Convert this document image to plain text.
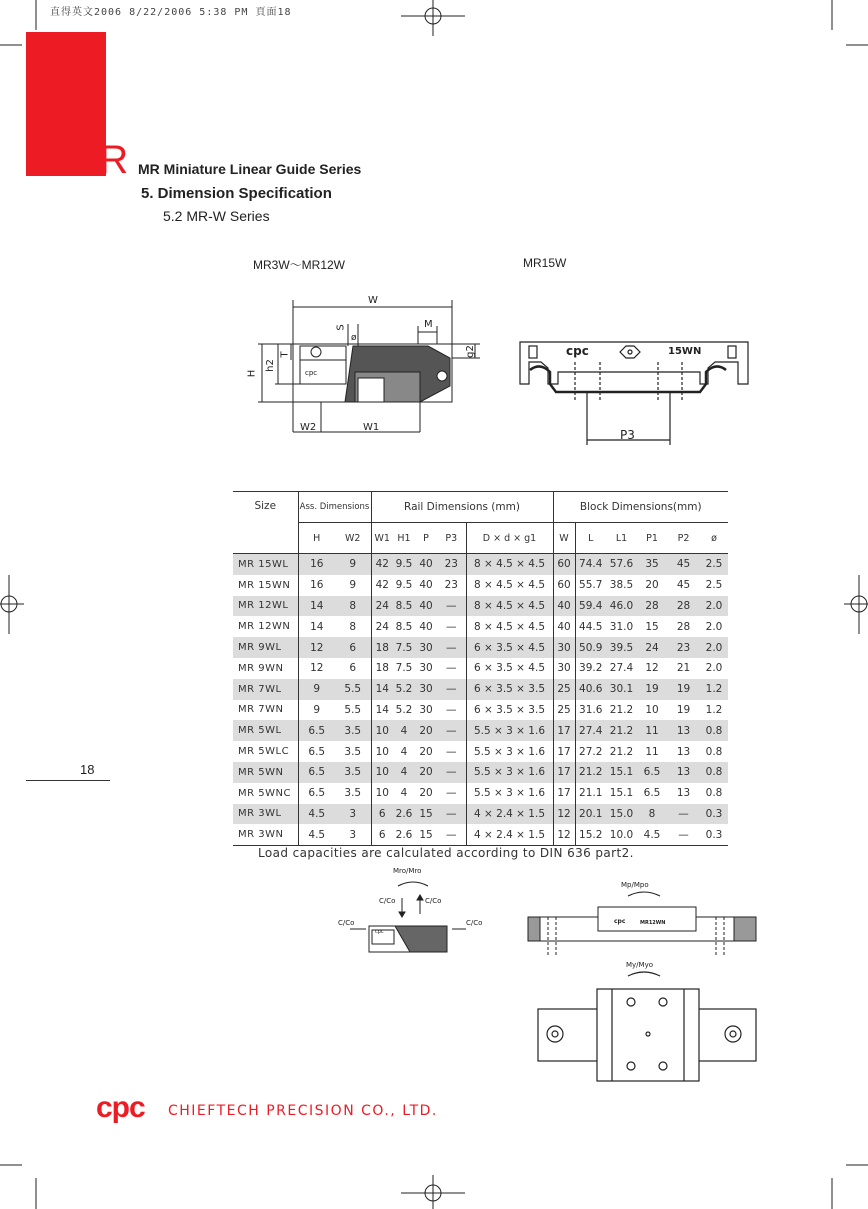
直得英文2006 8/22/2006 5:38 PM 頁面18
MR MR Miniature Linear Guide Series
5. Dimension Specification
5.2 MR-W Series
MR3W～MR12W	MR15W
W
M
S
ø
g2
H
h2
T
cpc
W2	W1
P3
cpc	15WN
Size	Ass. Dimensions		Rail Dimensions (mm)					Block Dimensions(mm)					
	H	W2	W1	H1	P	P3	D × d × g1	W	L	L1	P1	P2	ø
MR 15WL	16	9	42	9.5	40	23	8 × 4.5 × 4.5	60	74.4	57.6	35	45	2.5
MR 15WN	16	9	42	9.5	40	23	8 × 4.5 × 4.5	60	55.7	38.5	20	45	2.5
MR 12WL	14	8	24	8.5	40	—	8 × 4.5 × 4.5	40	59.4	46.0	28	28	2.0
MR 12WN	14	8	24	8.5	40	—	8 × 4.5 × 4.5	40	44.5	31.0	15	28	2.0
MR 9WL	12	6	18	7.5	30	—	6 × 3.5 × 4.5	30	50.9	39.5	24	23	2.0
MR 9WN	12	6	18	7.5	30	—	6 × 3.5 × 4.5	30	39.2	27.4	12	21	2.0
MR 7WL	9	5.5	14	5.2	30	—	6 × 3.5 × 3.5	25	40.6	30.1	19	19	1.2
MR 7WN	9	5.5	14	5.2	30	—	6 × 3.5 × 3.5	25	31.6	21.2	10	19	1.2
MR 5WL	6.5	3.5	10	4	20	—	5.5 × 3 × 1.6	17	27.4	21.2	11	13	0.8
MR 5WLC	6.5	3.5	10	4	20	—	5.5 × 3 × 1.6	17	27.2	21.2	11	13	0.8
MR 5WN	6.5	3.5	10	4	20	—	5.5 × 3 × 1.6	17	21.2	15.1	6.5	13	0.8
MR 5WNC	6.5	3.5	10	4	20	—	5.5 × 3 × 1.6	17	21.1	15.1	6.5	13	0.8
MR 3WL	4.5	3	6	2.6	15	—	4 × 2.4 × 1.5	12	20.1	15.0	8	—	0.3
MR 3WN	4.5	3	6	2.6	15	—	4 × 2.4 × 1.5	12	15.2	10.0	4.5	—	0.3
Load capacities are calculated according to DIN 636 part2.
Mro/Mro
C/Co	C/Co
C/Co	C/Co
cpc
Mp/Mpo
cpc	MR12WN
My/Myo
18
cpc CHIEFTECH PRECISION CO., LTD.
